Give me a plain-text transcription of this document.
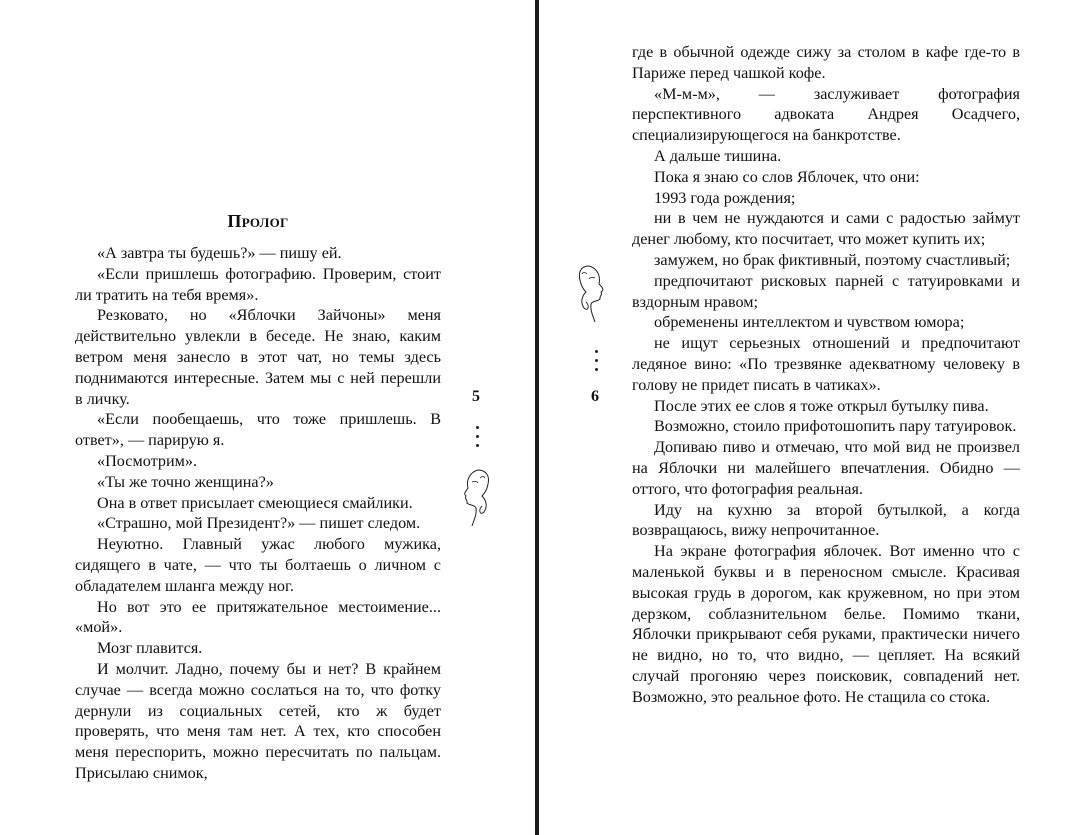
Пролог

«А завтра ты будешь?» — пишу ей.

«Если пришлешь фотографию. Проверим, стоит ли тратить на тебя время».

Резковато, но «Яблочки Зайчоны» меня действительно увлекли в беседе. Не знаю, каким ветром меня занесло в этот чат, но темы здесь поднимаются интересные. Затем мы с ней перешли в личку.

«Если пообещаешь, что тоже пришлешь. В ответ», — парирую я.

«Посмотрим».

«Ты же точно женщина?»

Она в ответ присылает смеющиеся смайлики.

«Страшно, мой Президент?» — пишет следом.

Неуютно. Главный ужас любого мужика, сидящего в чате, — что ты болтаешь о личном с обладателем шланга между ног.

Но вот это ее притяжательное местоимение... «мой».

Мозг плавится.

И молчит. Ладно, почему бы и нет? В крайнем случае — всегда можно сослаться на то, что фотку дернули из социальных сетей, кто ж будет проверять, что меня там нет. А тех, кто способен меня переспорить, можно пересчитать по пальцам. Присылаю снимок,

5

где в обычной одежде сижу за столом в кафе где-то в Париже перед чашкой кофе.

«М-м-м», — заслуживает фотография перспективного адвоката Андрея Осадчего, специализирующегося на банкротстве.

А дальше тишина.

Пока я знаю со слов Яблочек, что они:

1993 года рождения;

ни в чем не нуждаются и сами с радостью займут денег любому, кто посчитает, что может купить их;

замужем, но брак фиктивный, поэтому счастливый;

предпочитают рисковых парней с татуировками и вздорным нравом;

обременены интеллектом и чувством юмора;

не ищут серьезных отношений и предпочитают ледяное вино: «По трезвянке адекватному человеку в голову не придет писать в чатиках».

После этих ее слов я тоже открыл бутылку пива.

Возможно, стоило прифотошопить пару татуировок.

Допиваю пиво и отмечаю, что мой вид не произвел на Яблочки ни малейшего впечатления. Обидно — оттого, что фотография реальная.

Иду на кухню за второй бутылкой, а когда возвращаюсь, вижу непрочитанное.

На экране фотография яблочек. Вот именно что с маленькой буквы и в переносном смысле. Красивая высокая грудь в дорогом, как кружевном, но при этом дерзком, соблазнительном белье. Помимо ткани, Яблочки прикрывают себя руками, практически ничего не видно, но то, что видно, — цепляет. На всякий случай прогоняю через поисковик, совпадений нет. Возможно, это реальное фото. Не стащила со стока.

6
